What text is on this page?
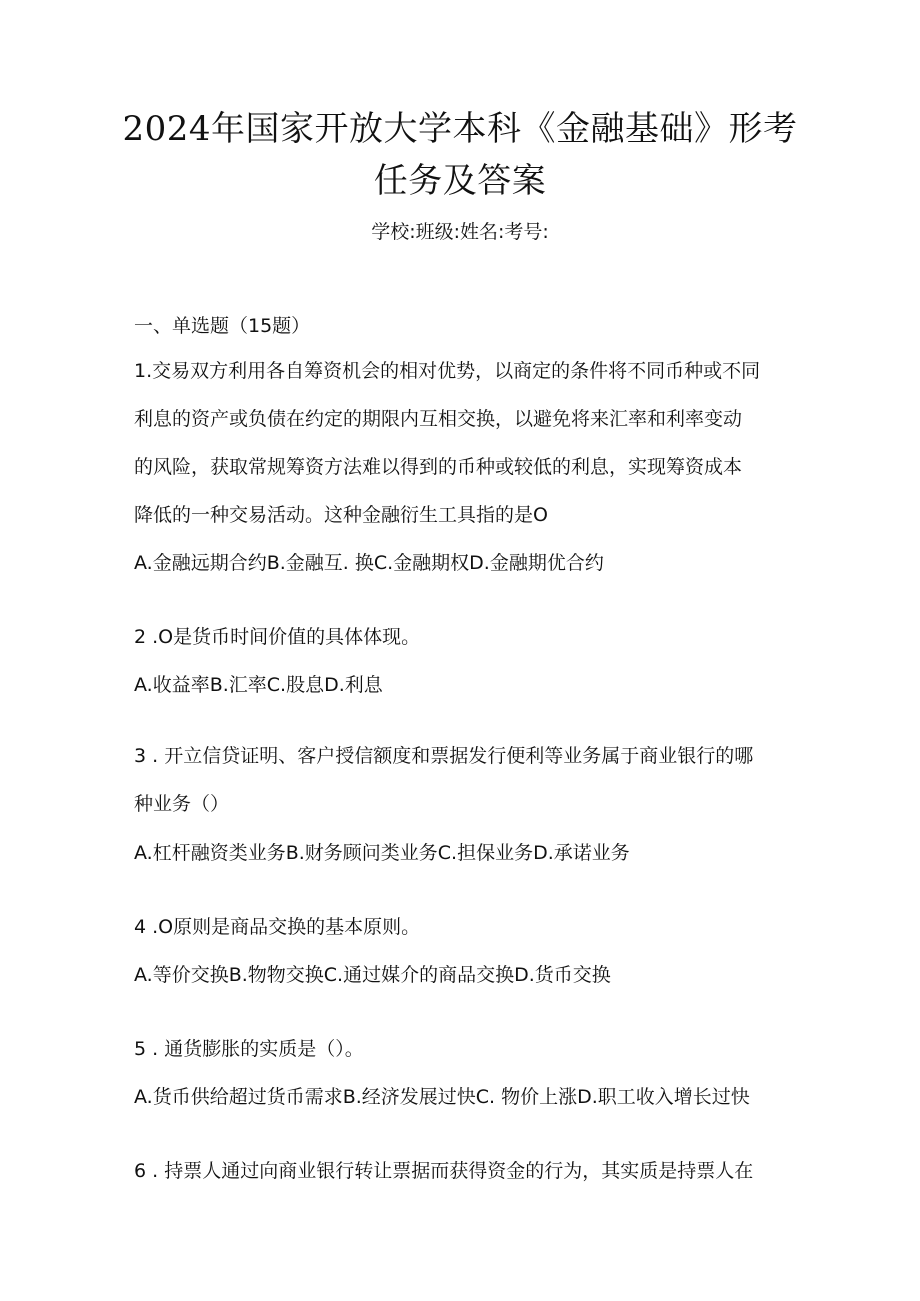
2024年国家开放大学本科《金融基础》形考
任务及答案
学校:班级:姓名:考号:
一、单选题（15题）
1.交易双方利用各自筹资机会的相对优势，以商定的条件将不同币种或不同
利息的资产或负债在约定的期限内互相交换，以避免将来汇率和利率变动
的风险，获取常规筹资方法难以得到的币种或较低的利息，实现筹资成本
降低的一种交易活动。这种金融衍生工具指的是O
A.金融远期合约B.金融互. 换C.金融期权D.金融期优合约
2 .O是货币时间价值的具体体现。
A.收益率B.汇率C.股息D.利息
3 . 开立信贷证明、客户授信额度和票据发行便利等业务属于商业银行的哪
种业务（）
A.杠杆融资类业务B.财务顾问类业务C.担保业务D.承诺业务
4 .O原则是商品交换的基本原则。
A.等价交换B.物物交换C.通过媒介的商品交换D.货币交换
5 . 通货膨胀的实质是（）。
A.货币供给超过货币需求B.经济发展过快C. 物价上涨D.职工收入增长过快
6 . 持票人通过向商业银行转让票据而获得资金的行为，其实质是持票人在
